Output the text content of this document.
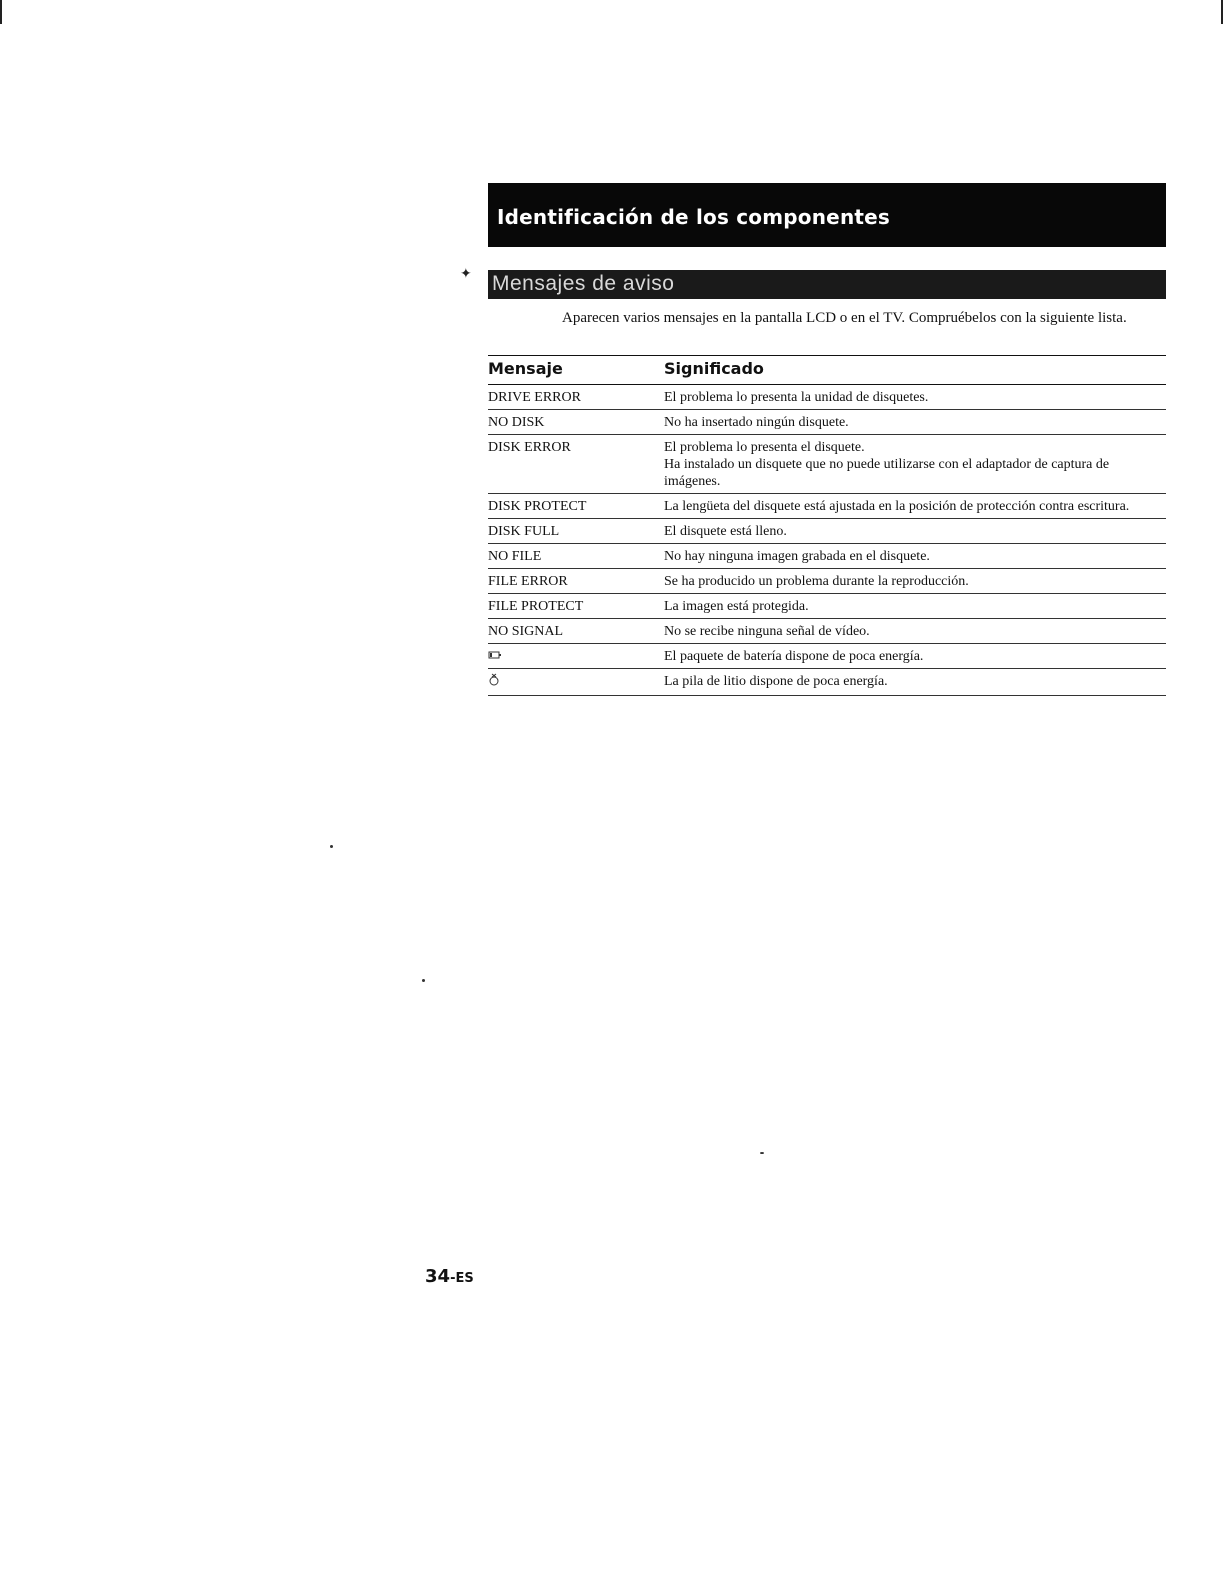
Identificación de los componentes
✦ Mensajes de aviso

Aparecen varios mensajes en la pantalla LCD o en el TV. Compruébelos con la siguiente lista.

Mensaje	Significado
DRIVE ERROR	El problema lo presenta la unidad de disquetes.
NO DISK	No ha insertado ningún disquete.
DISK ERROR	El problema lo presenta el disquete.
Ha instalado un disquete que no puede utilizarse con el adaptador de captura de imágenes.

DISK PROTECT	La lengüeta del disquete está ajustada en la posición de protección contra escritura.
DISK FULL	El disquete está lleno.
NO FILE	No hay ninguna imagen grabada en el disquete.
FILE ERROR	Se ha producido un problema durante la reproducción.
FILE PROTECT	La imagen está protegida.
NO SIGNAL	No se recibe ninguna señal de vídeo.
	El paquete de batería dispone de poca energía.
	La pila de litio dispone de poca energía.
34-ES
